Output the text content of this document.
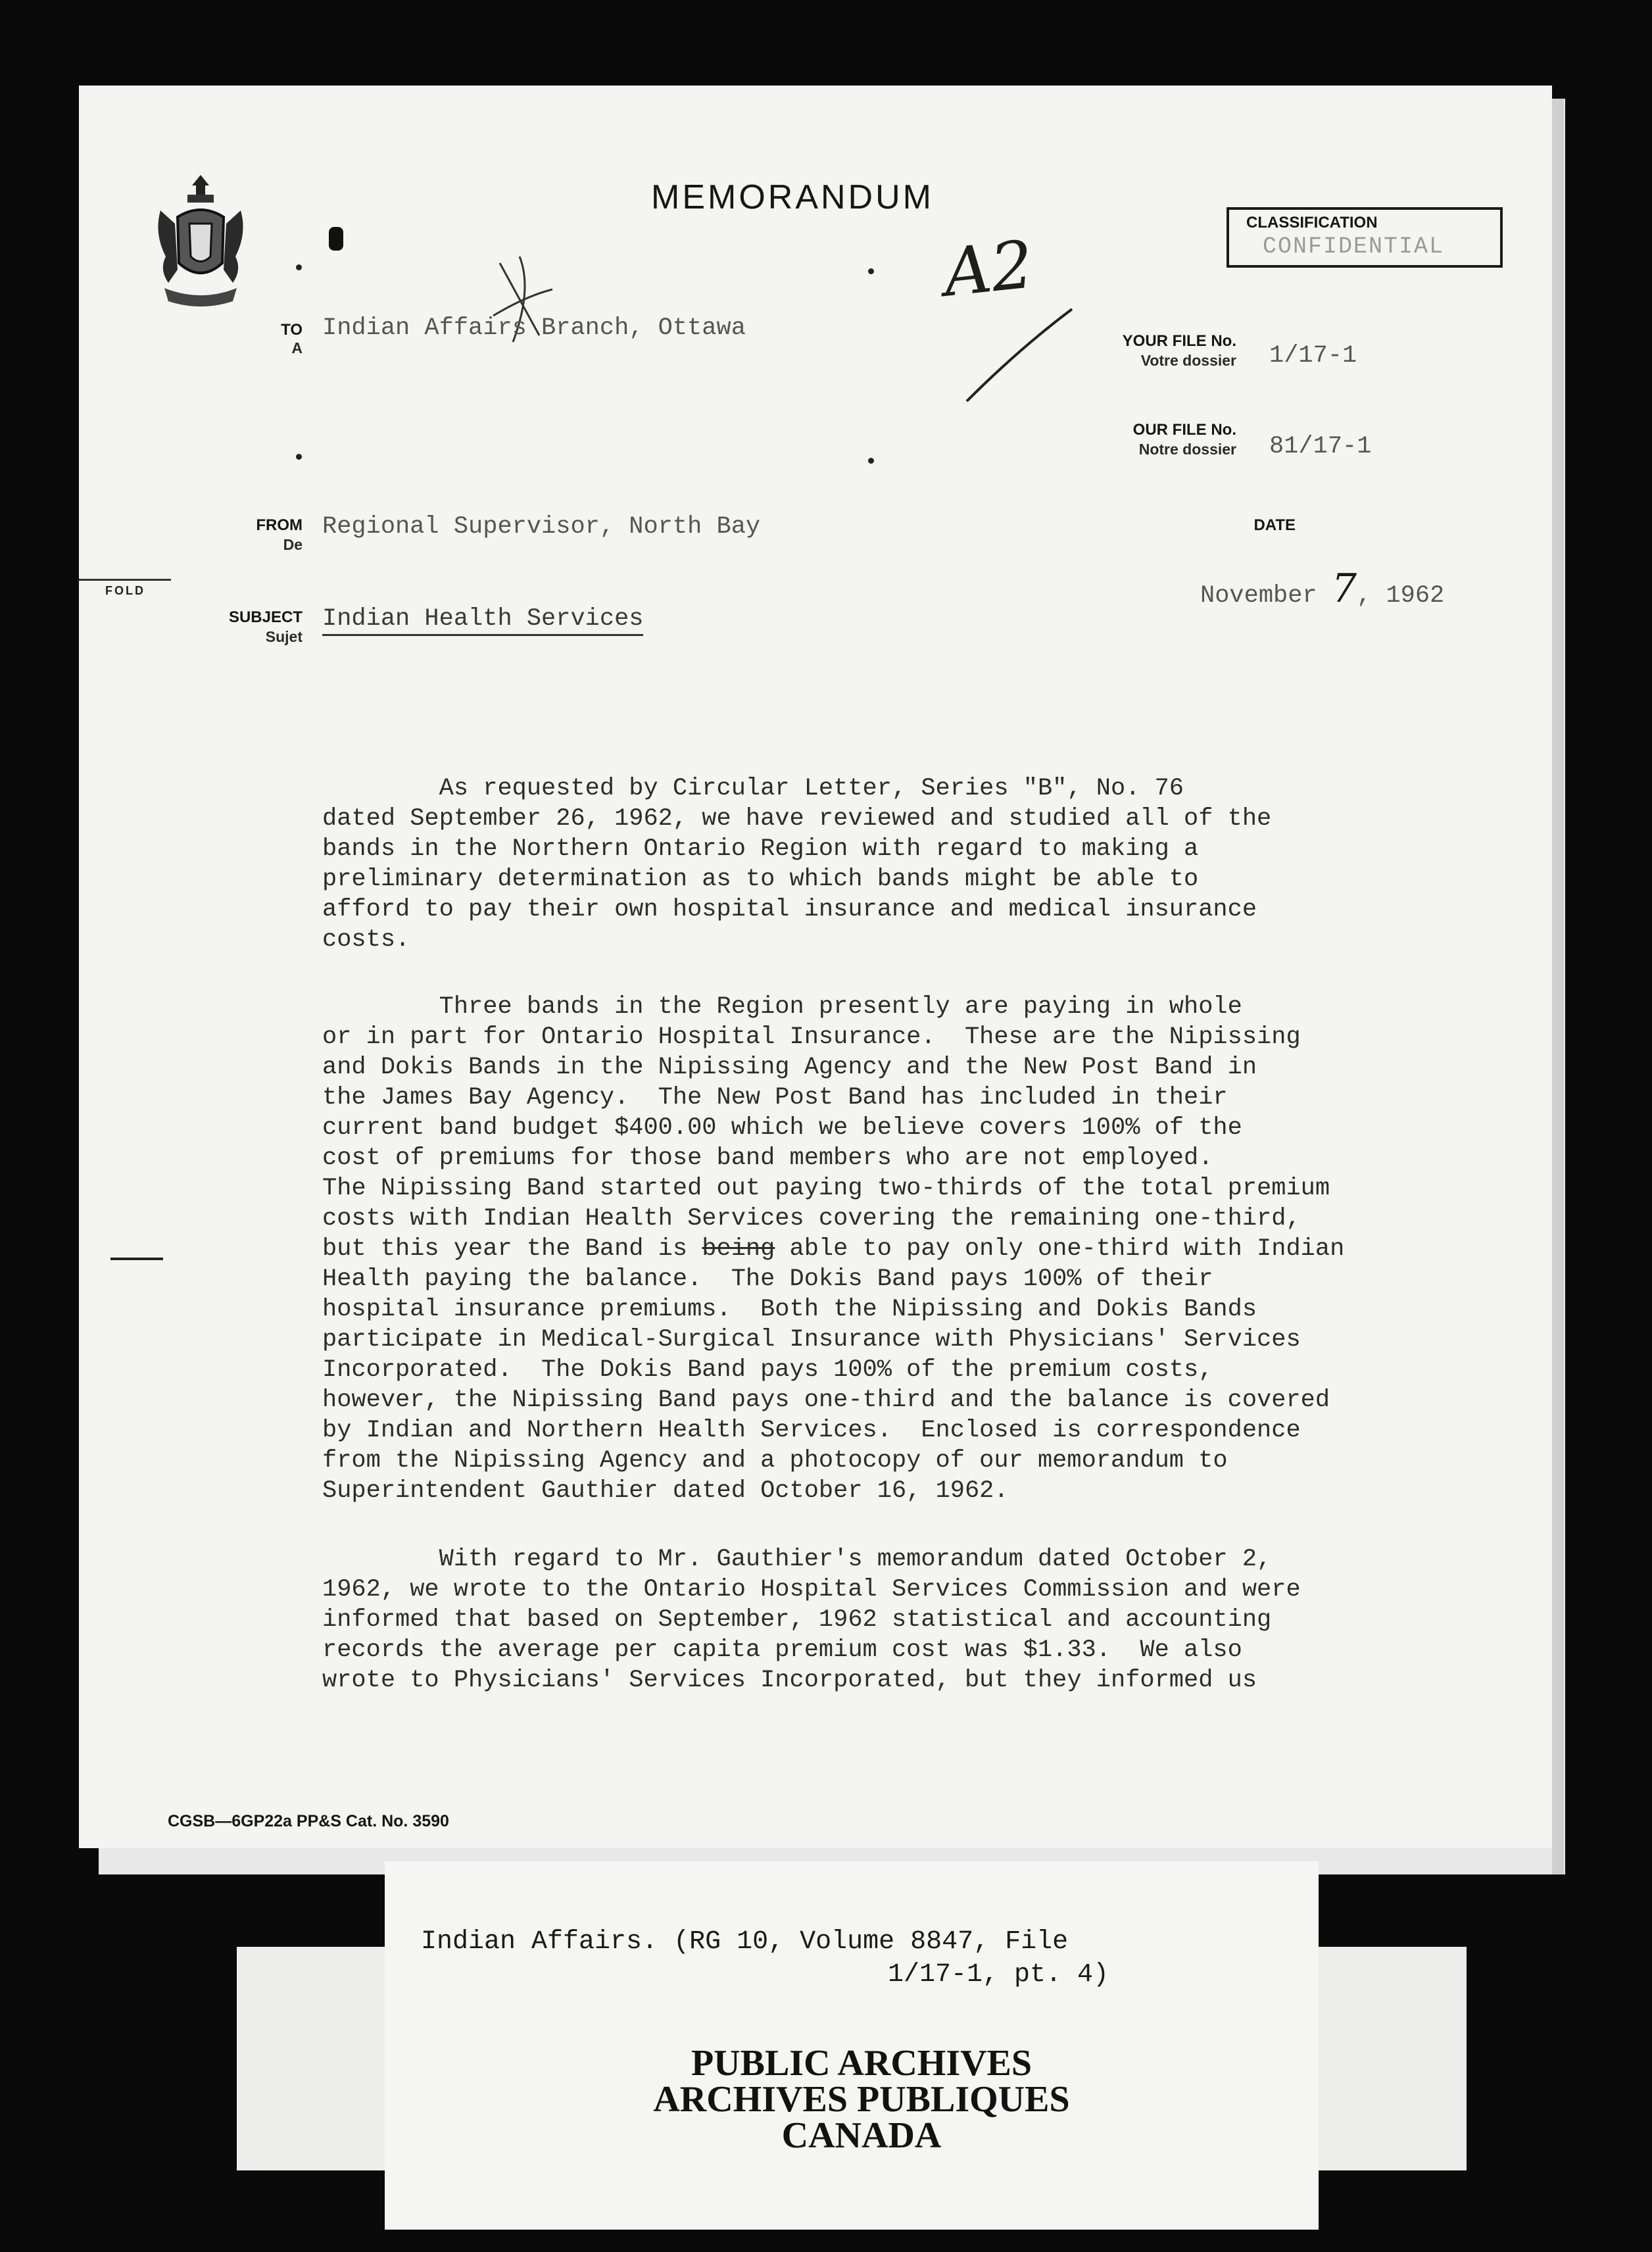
MEMORANDUM
CLASSIFICATION
CONFIDENTIAL
A2
TO
A
Indian Affairs Branch, Ottawa	YOUR FILE No.
Votre dossier 1/17-1
OUR FILE No.
Notre dossier 81/17-1
FROM
De
Regional Supervisor, North Bay	DATE
November 7, 1962
FOLD
SUBJECT
Sujet
Indian Health Services
As requested by Circular Letter, Series "B", No. 76
dated September 26, 1962, we have reviewed and studied all of the
bands in the Northern Ontario Region with regard to making a
preliminary determination as to which bands might be able to
afford to pay their own hospital insurance and medical insurance
costs.
Three bands in the Region presently are paying in whole
or in part for Ontario Hospital Insurance.  These are the Nipissing
and Dokis Bands in the Nipissing Agency and the New Post Band in
the James Bay Agency.  The New Post Band has included in their
current band budget $400.00 which we believe covers 100% of the
cost of premiums for those band members who are not employed.
The Nipissing Band started out paying two-thirds of the total premium
costs with Indian Health Services covering the remaining one-third,
but this year the Band is being able to pay only one-third with Indian
Health paying the balance.  The Dokis Band pays 100% of their
hospital insurance premiums.  Both the Nipissing and Dokis Bands
participate in Medical-Surgical Insurance with Physicians' Services
Incorporated.  The Dokis Band pays 100% of the premium costs,
however, the Nipissing Band pays one-third and the balance is covered
by Indian and Northern Health Services.  Enclosed is correspondence
from the Nipissing Agency and a photocopy of our memorandum to
Superintendent Gauthier dated October 16, 1962.
With regard to Mr. Gauthier's memorandum dated October 2,
1962, we wrote to the Ontario Hospital Services Commission and were
informed that based on September, 1962 statistical and accounting
records the average per capita premium cost was $1.33.  We also
wrote to Physicians' Services Incorporated, but they informed us
CGSB—6GP22a PP&S Cat. No. 3590
Indian Affairs. (RG 10, Volume 8847, File
1/17-1, pt. 4)
PUBLIC ARCHIVES
ARCHIVES PUBLIQUES
CANADA
